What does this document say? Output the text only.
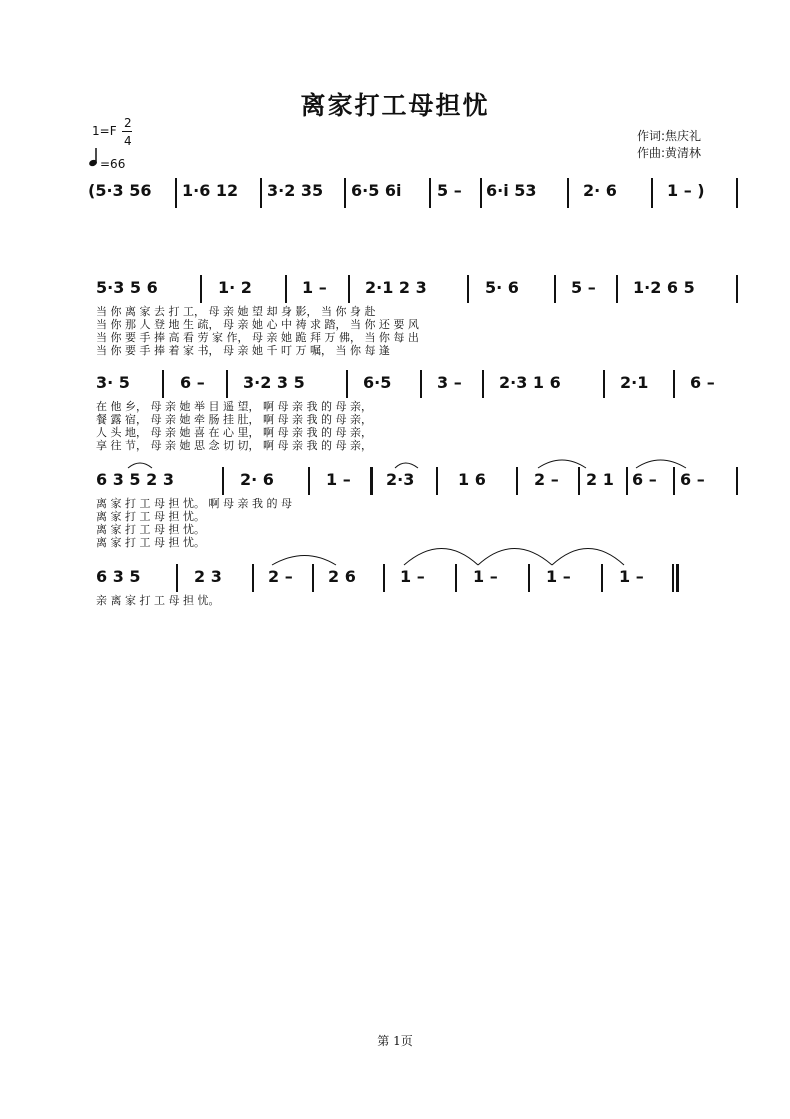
离家打工母担忧
1=F
2
4
=66
作词:焦庆礼
作曲:黄清林
(5·3 56 1·6 12 3·2 35 6·5 6i 5 – 6·i 53	2· 6	1 – )
5·3 5 6	1· 2	1 – 2·1 2 3	5· 6	5 – 1·2 6 5
当 你 离 家 去 打 工， 母 亲 她 望 却 身 影， 当 你 身 赴
当 你 那 人 登 地 生 疏， 母 亲 她 心 中 祷 求 踏， 当 你 还 要 风
当 你 要 手 捧 高 看 劳 家 作， 母 亲 她 跪 拜 万 佛， 当 你 每 出
当 你 要 手 捧 着 家 书， 母 亲 她 千 叮 万 嘱， 当 你 每 逢
3· 5	6 – 3·2 3 5	6·5	3 – 2·3 1 6	2·1	6 –
在 他 乡， 母 亲 她 举 目 遥 望， 啊 母 亲 我 的 母 亲，
餐 露 宿， 母 亲 她 牵 肠 挂 肚， 啊 母 亲 我 的 母 亲，
人 头 地， 母 亲 她 喜 在 心 里， 啊 母 亲 我 的 母 亲，
享 往 节， 母 亲 她 思 念 切 切， 啊 母 亲 我 的 母 亲，
6 3 5 2 3	2· 6	1 – 2·3	1 6	2 – 2 1 6 – 6 –
离 家 打 工 母 担 忧。 啊 母 亲 我 的 母
离 家 打 工 母 担 忧。
离 家 打 工 母 担 忧。
离 家 打 工 母 担 忧。
6 3 5	2 3	2 – 2 6	1 –	1 –	1 –	1 –
亲 离 家 打 工 母 担 忧。
第 1页
